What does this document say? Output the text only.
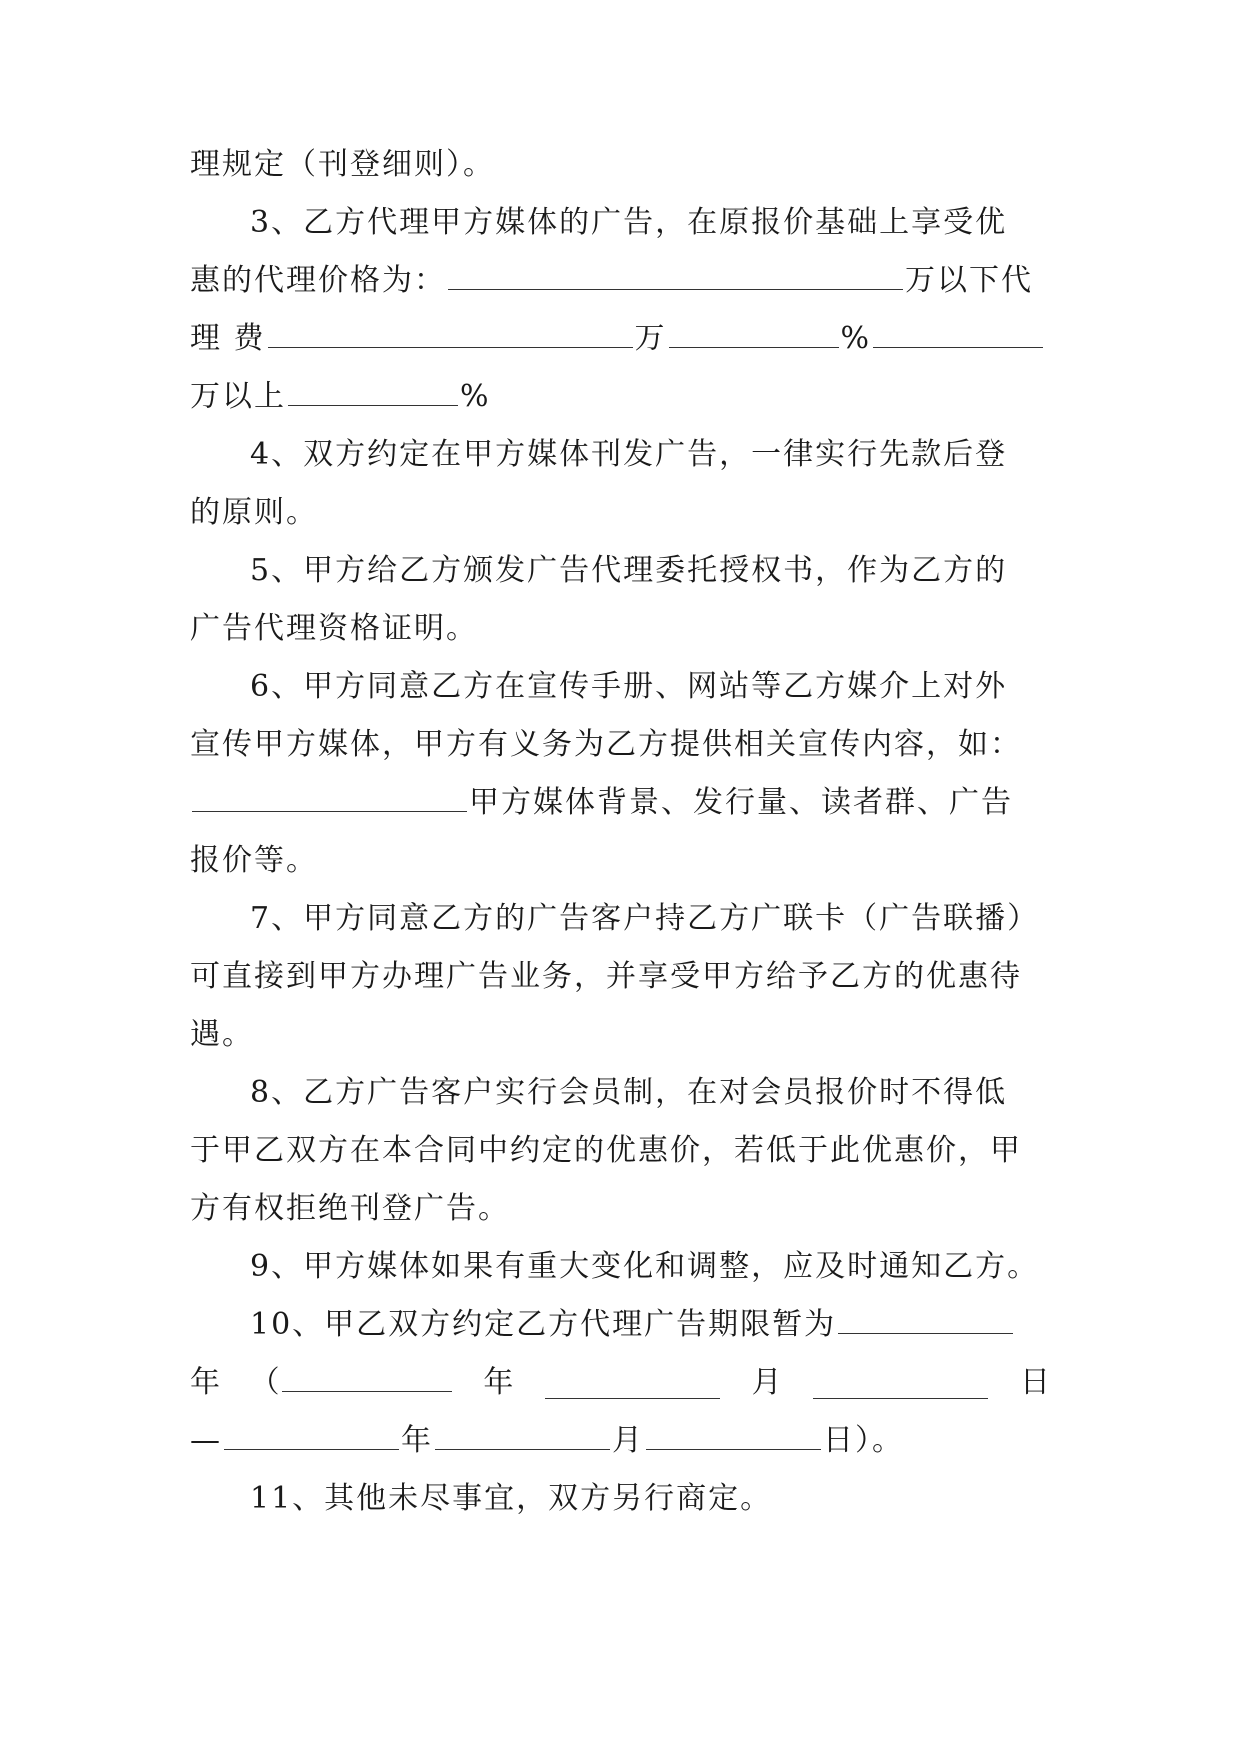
理规定（刊登细则）。
3、乙方代理甲方媒体的广告，在原报价基础上享受优
惠的代理价格为：	万以下代
理 费	万	%
万以上	%
4、双方约定在甲方媒体刊发广告，一律实行先款后登
的原则。
5、甲方给乙方颁发广告代理委托授权书，作为乙方的
广告代理资格证明。
6、甲方同意乙方在宣传手册、网站等乙方媒介上对外
宣传甲方媒体，甲方有义务为乙方提供相关宣传内容，如：
甲方媒体背景、发行量、读者群、广告
报价等。
7、甲方同意乙方的广告客户持乙方广联卡（广告联播）
可直接到甲方办理广告业务，并享受甲方给予乙方的优惠待
遇。
8、乙方广告客户实行会员制，在对会员报价时不得低
于甲乙双方在本合同中约定的优惠价，若低于此优惠价，甲
方有权拒绝刊登广告。
9、甲方媒体如果有重大变化和调整，应及时通知乙方。
10、甲乙双方约定乙方代理广告期限暂为
年 （	年	月	日
—	年	月	日）。
11、其他未尽事宜，双方另行商定。
